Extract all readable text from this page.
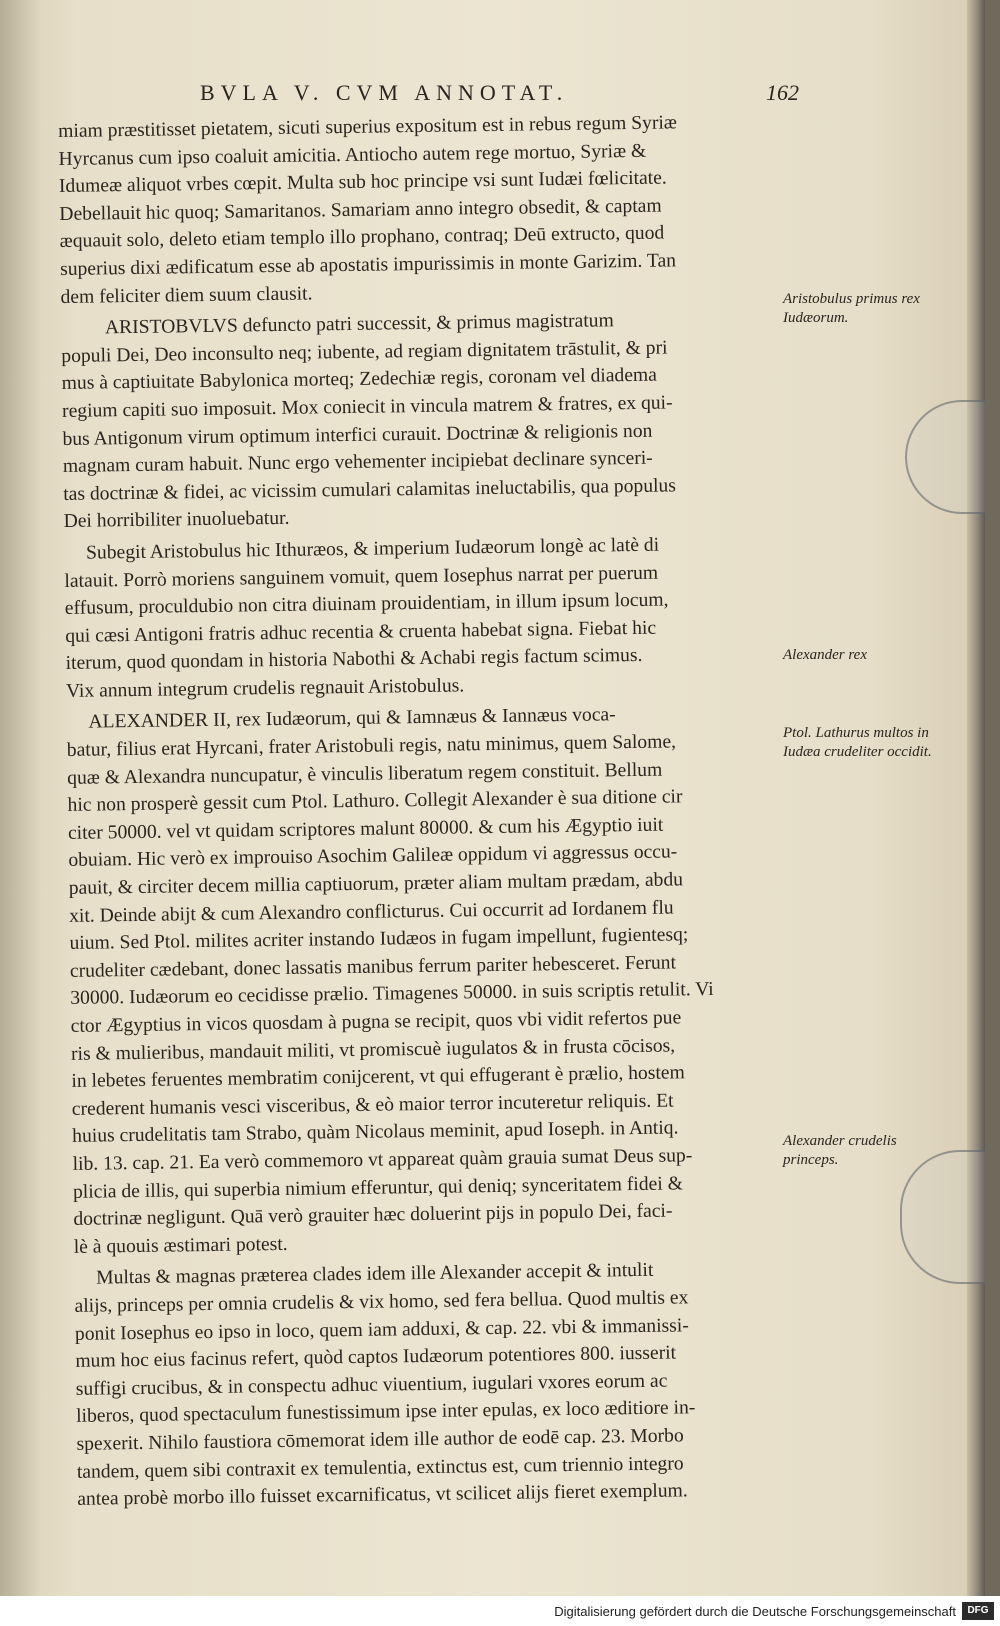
BVLA V. CVM ANNOTAT.	162
miam præstitisset pietatem, sicuti superius expositum est in rebus regum Syriæ
Hyrcanus cum ipso coaluit amicitia. Antiocho autem rege mortuo, Syriæ &
Idumeæ aliquot vrbes cœpit. Multa sub hoc principe vsi sunt Iudæi fœlicitate.
Debellauit hic quoq; Samaritanos. Samariam anno integro obsedit, & captam
æquauit solo, deleto etiam templo illo prophano, contraq; Deū extructo, quod
superius dixi ædificatum esse ab apostatis impurissimis in monte Garizim. Tan
dem feliciter diem suum clausit.
ARISTOBVLVS defuncto patri successit, & primus magistratum
populi Dei, Deo inconsulto neq; iubente, ad regiam dignitatem trāstulit, & pri
mus à captiuitate Babylonica morteq; Zedechiæ regis, coronam vel diadema
regium capiti suo imposuit. Mox coniecit in vincula matrem & fratres, ex qui-
bus Antigonum virum optimum interfici curauit. Doctrinæ & religionis non
magnam curam habuit. Nunc ergo vehementer incipiebat declinare synceri-
tas doctrinæ & fidei, ac vicissim cumulari calamitas ineluctabilis, qua populus
Dei horribiliter inuoluebatur.
Subegit Aristobulus hic Ithuræos, & imperium Iudæorum longè ac latè di
latauit. Porrò moriens sanguinem vomuit, quem Iosephus narrat per puerum
effusum, proculdubio non citra diuinam prouidentiam, in illum ipsum locum,
qui cæsi Antigoni fratris adhuc recentia & cruenta habebat signa. Fiebat hic
iterum, quod quondam in historia Nabothi & Achabi regis factum scimus.
Vix annum integrum crudelis regnauit Aristobulus.
ALEXANDER II, rex Iudæorum, qui & Iamnæus & Iannæus voca-
batur, filius erat Hyrcani, frater Aristobuli regis, natu minimus, quem Salome,
quæ & Alexandra nuncupatur, è vinculis liberatum regem constituit. Bellum
hic non prosperè gessit cum Ptol. Lathuro. Collegit Alexander è sua ditione cir
citer 50000. vel vt quidam scriptores malunt 80000. & cum his Ægyptio iuit
obuiam. Hic verò ex improuiso Asochim Galileæ oppidum vi aggressus occu-
pauit, & circiter decem millia captiuorum, præter aliam multam prædam, abdu
xit. Deinde abijt & cum Alexandro conflicturus. Cui occurrit ad Iordanem flu
uium. Sed Ptol. milites acriter instando Iudæos in fugam impellunt, fugientesq;
crudeliter cædebant, donec lassatis manibus ferrum pariter hebesceret. Ferunt
30000. Iudæorum eo cecidisse prælio. Timagenes 50000. in suis scriptis retulit. Vi
ctor Ægyptius in vicos quosdam à pugna se recipit, quos vbi vidit refertos pue
ris & mulieribus, mandauit militi, vt promiscuè iugulatos & in frusta cōcisos,
in lebetes feruentes membratim conijcerent, vt qui effugerant è prælio, hostem
crederent humanis vesci visceribus, & eò maior terror incuteretur reliquis. Et
huius crudelitatis tam Strabo, quàm Nicolaus meminit, apud Ioseph. in Antiq.
lib. 13. cap. 21. Ea verò commemoro vt appareat quàm grauia sumat Deus sup-
plicia de illis, qui superbia nimium efferuntur, qui deniq; synceritatem fidei &
doctrinæ negligunt. Quā verò grauiter hæc doluerint pijs in populo Dei, faci-
lè à quouis æstimari potest.
Multas & magnas præterea clades idem ille Alexander accepit & intulit
alijs, princeps per omnia crudelis & vix homo, sed fera bellua. Quod multis ex
ponit Iosephus eo ipso in loco, quem iam adduxi, & cap. 22. vbi & immanissi-
mum hoc eius facinus refert, quòd captos Iudæorum potentiores 800. iusserit
suffigi crucibus, & in conspectu adhuc viuentium, iugulari vxores eorum ac
liberos, quod spectaculum funestissimum ipse inter epulas, ex loco æditiore in-
spexerit. Nihilo faustiora cōmemorat idem ille author de eodē cap. 23. Morbo
tandem, quem sibi contraxit ex temulentia, extinctus est, cum triennio integro
antea probè morbo illo fuisset excarnificatus, vt scilicet alijs fieret exemplum.
Aristobulus primus rex Iudæorum.
Alexander rex
Ptol. Lathurus multos in Iudæa crudeliter occidit.
Alexander crudelis princeps.
Digitalisierung gefördert durch die Deutsche Forschungsgemeinschaft	DFG
